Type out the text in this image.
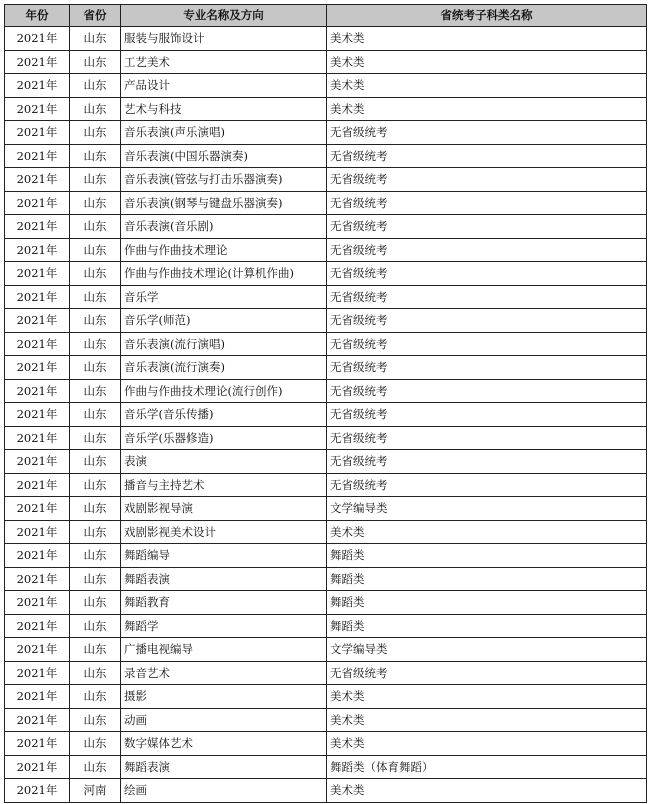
年份	省份	专业名称及方向	省统考子科类名称
2021年	山东	服装与服饰设计	美术类
2021年	山东	工艺美术	美术类
2021年	山东	产品设计	美术类
2021年	山东	艺术与科技	美术类
2021年	山东	音乐表演(声乐演唱)	无省级统考
2021年	山东	音乐表演(中国乐器演奏)	无省级统考
2021年	山东	音乐表演(管弦与打击乐器演奏)	无省级统考
2021年	山东	音乐表演(钢琴与键盘乐器演奏)	无省级统考
2021年	山东	音乐表演(音乐剧)	无省级统考
2021年	山东	作曲与作曲技术理论	无省级统考
2021年	山东	作曲与作曲技术理论(计算机作曲)	无省级统考
2021年	山东	音乐学	无省级统考
2021年	山东	音乐学(师范)	无省级统考
2021年	山东	音乐表演(流行演唱)	无省级统考
2021年	山东	音乐表演(流行演奏)	无省级统考
2021年	山东	作曲与作曲技术理论(流行创作)	无省级统考
2021年	山东	音乐学(音乐传播)	无省级统考
2021年	山东	音乐学(乐器修造)	无省级统考
2021年	山东	表演	无省级统考
2021年	山东	播音与主持艺术	无省级统考
2021年	山东	戏剧影视导演	文学编导类
2021年	山东	戏剧影视美术设计	美术类
2021年	山东	舞蹈编导	舞蹈类
2021年	山东	舞蹈表演	舞蹈类
2021年	山东	舞蹈教育	舞蹈类
2021年	山东	舞蹈学	舞蹈类
2021年	山东	广播电视编导	文学编导类
2021年	山东	录音艺术	无省级统考
2021年	山东	摄影	美术类
2021年	山东	动画	美术类
2021年	山东	数字媒体艺术	美术类
2021年	山东	舞蹈表演	舞蹈类（体育舞蹈）
2021年	河南	绘画	美术类
